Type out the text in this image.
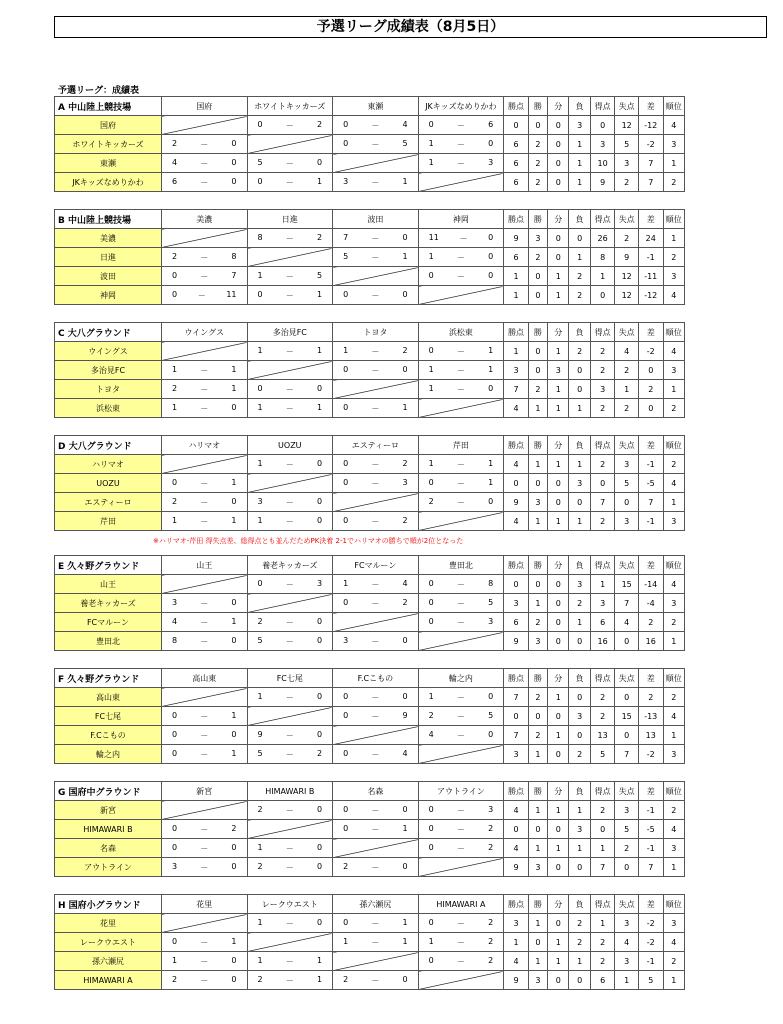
予選リーグ成績表（8月5日）
予選リーグ：成績表
A 中山陸上競技場	国府	ホワイトキッカーズ	東瀬	JKキッズなめりかわ	勝点	勝	分	負	得点	失点	差	順位
国府		0 － 2	0 － 4	0 － 6	0	0	0	3	0	12	-12	4
ホワイトキッカーズ	2 － 0		0 － 5	1 － 0	6	2	0	1	3	5	-2	3
東瀬	4 － 0	5 － 0		1 － 3	6	2	0	1	10	3	7	1
JKキッズなめりかわ	6 － 0	0 － 1	3 － 1		6	2	0	1	9	2	7	2
B 中山陸上競技場	美濃	日進	波田	神岡	勝点	勝	分	負	得点	失点	差	順位
美濃		8 － 2	7 － 0	11 － 0	9	3	0	0	26	2	24	1
日進	2 － 8		5 － 1	1 － 0	6	2	0	1	8	9	-1	2
波田	0 － 7	1 － 5		0 － 0	1	0	1	2	1	12	-11	3
神岡	0 － 11	0 － 1	0 － 0		1	0	1	2	0	12	-12	4
C 大八グラウンド	ウイングス	多治見FC	トヨタ	浜松東	勝点	勝	分	負	得点	失点	差	順位
ウイングス		1 － 1	1 － 2	0 － 1	1	0	1	2	2	4	-2	4
多治見FC	1 － 1		0 － 0	1 － 1	3	0	3	0	2	2	0	3
トヨタ	2 － 1	0 － 0		1 － 0	7	2	1	0	3	1	2	1
浜松東	1 － 0	1 － 1	0 － 1		4	1	1	1	2	2	0	2
D 大八グラウンド	ハリマオ	UOZU	エスティーロ	芹田	勝点	勝	分	負	得点	失点	差	順位
ハリマオ		1 － 0	0 － 2	1 － 1	4	1	1	1	2	3	-1	2
UOZU	0 － 1		0 － 3	0 － 1	0	0	0	3	0	5	-5	4
エスティーロ	2 － 0	3 － 0		2 － 0	9	3	0	0	7	0	7	1
芹田	1 － 1	1 － 0	0 － 2		4	1	1	1	2	3	-1	3
※ハリマオ-芹田 得失点差、総得点とも並んだためPK決着 2-1でハリマオの勝ちで順が2位となった
E 久々野グラウンド	山王	養老キッカーズ	FCマルーン	豊田北	勝点	勝	分	負	得点	失点	差	順位
山王		0 － 3	1 － 4	0 － 8	0	0	0	3	1	15	-14	4
養老キッカーズ	3 － 0		0 － 2	0 － 5	3	1	0	2	3	7	-4	3
FCマルーン	4 － 1	2 － 0		0 － 3	6	2	0	1	6	4	2	2
豊田北	8 － 0	5 － 0	3 － 0		9	3	0	0	16	0	16	1
F 久々野グラウンド	高山東	FC七尾	F.Cこもの	輪之内	勝点	勝	分	負	得点	失点	差	順位
高山東		1 － 0	0 － 0	1 － 0	7	2	1	0	2	0	2	2
FC七尾	0 － 1		0 － 9	2 － 5	0	0	0	3	2	15	-13	4
F.Cこもの	0 － 0	9 － 0		4 － 0	7	2	1	0	13	0	13	1
輪之内	0 － 1	5 － 2	0 － 4		3	1	0	2	5	7	-2	3
G 国府中グラウンド	新宮	HIMAWARI B	名森	アウトライン	勝点	勝	分	負	得点	失点	差	順位
新宮		2 － 0	0 － 0	0 － 3	4	1	1	1	2	3	-1	2
HIMAWARI B	0 － 2		0 － 1	0 － 2	0	0	0	3	0	5	-5	4
名森	0 － 0	1 － 0		0 － 2	4	1	1	1	1	2	-1	3
アウトライン	3 － 0	2 － 0	2 － 0		9	3	0	0	7	0	7	1
H 国府小グラウンド	花里	レークウエスト	孫六瀬尻	HIMAWARI A	勝点	勝	分	負	得点	失点	差	順位
花里		1 － 0	0 － 1	0 － 2	3	1	0	2	1	3	-2	3
レークウエスト	0 － 1		1 － 1	1 － 2	1	0	1	2	2	4	-2	4
孫六瀬尻	1 － 0	1 － 1		0 － 2	4	1	1	1	2	3	-1	2
HIMAWARI A	2 － 0	2 － 1	2 － 0		9	3	0	0	6	1	5	1
